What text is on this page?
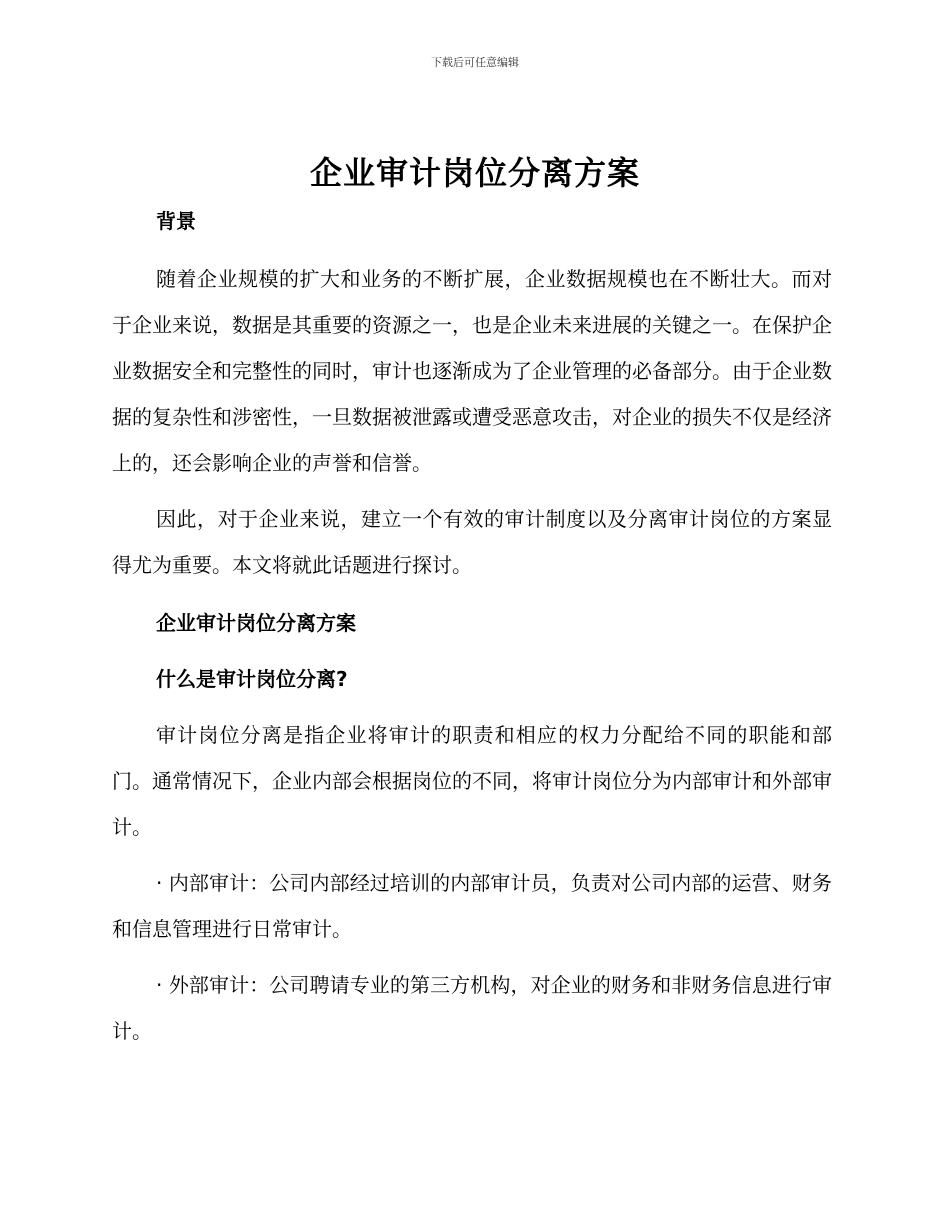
下载后可任意编辑
企业审计岗位分离方案
背景

随着企业规模的扩大和业务的不断扩展，企业数据规模也在不断壮大。而对于企业来说，数据是其重要的资源之一，也是企业未来进展的关键之一。在保护企业数据安全和完整性的同时，审计也逐渐成为了企业管理的必备部分。由于企业数据的复杂性和涉密性，一旦数据被泄露或遭受恶意攻击，对企业的损失不仅是经济上的，还会影响企业的声誉和信誉。

因此，对于企业来说，建立一个有效的审计制度以及分离审计岗位的方案显得尤为重要。本文将就此话题进行探讨。

企业审计岗位分离方案
什么是审计岗位分离?

审计岗位分离是指企业将审计的职责和相应的权力分配给不同的职能和部门。通常情况下，企业内部会根据岗位的不同，将审计岗位分为内部审计和外部审计。

· 内部审计：公司内部经过培训的内部审计员，负责对公司内部的运营、财务和信息管理进行日常审计。

· 外部审计：公司聘请专业的第三方机构，对企业的财务和非财务信息进行审计。
